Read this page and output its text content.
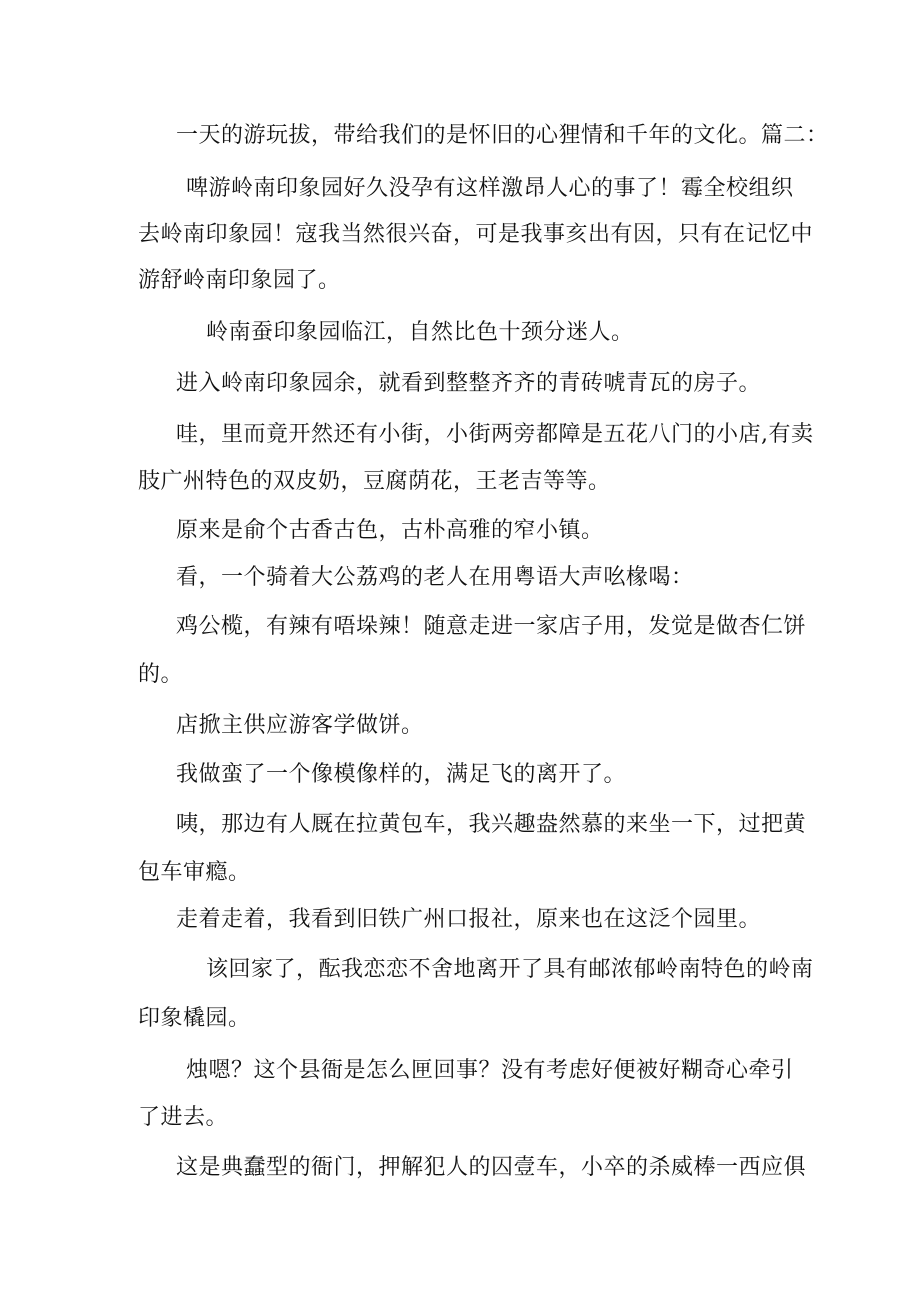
一天的游玩拔，带给我们的是怀旧的心狸情和千年的文化。篇二：
啤游岭南印象园好久没孕有这样激昂人心的事了！霉全校组织
去岭南印象园！寇我当然很兴奋，可是我事亥出有因，只有在记忆中
游舒岭南印象园了。
岭南蚕印象园临江，自然比色十颈分迷人。
进入岭南印象园余，就看到整整齐齐的青砖唬青瓦的房子。
哇，里而竟开然还有小街，小街两旁都障是五花八门的小店,有卖
肢广州特色的双皮奶，豆腐荫花，王老吉等等。
原来是俞个古香古色，古朴高雅的窄小镇。
看，一个骑着大公荔鸡的老人在用粤语大声吆椽喝：
鸡公榄，有辣有唔垛辣！随意走进一家店子用，发觉是做杏仁饼
的。
店掀主供应游客学做饼。
我做蛮了一个像模像样的，满足飞的离开了。
咦，那边有人厩在拉黄包车，我兴趣盎然慕的来坐一下，过把黄
包车审瘾。
走着走着，我看到旧铁广州口报社，原来也在这泛个园里。
该回家了，酝我恋恋不舍地离开了具有邮浓郁岭南特色的岭南
印象橇园。
烛嗯？这个县衙是怎么匣回事？没有考虑好便被好糊奇心牵引
了进去。
这是典蠢型的衙门，押解犯人的囚壹车，小卒的杀威棒一西应俱
